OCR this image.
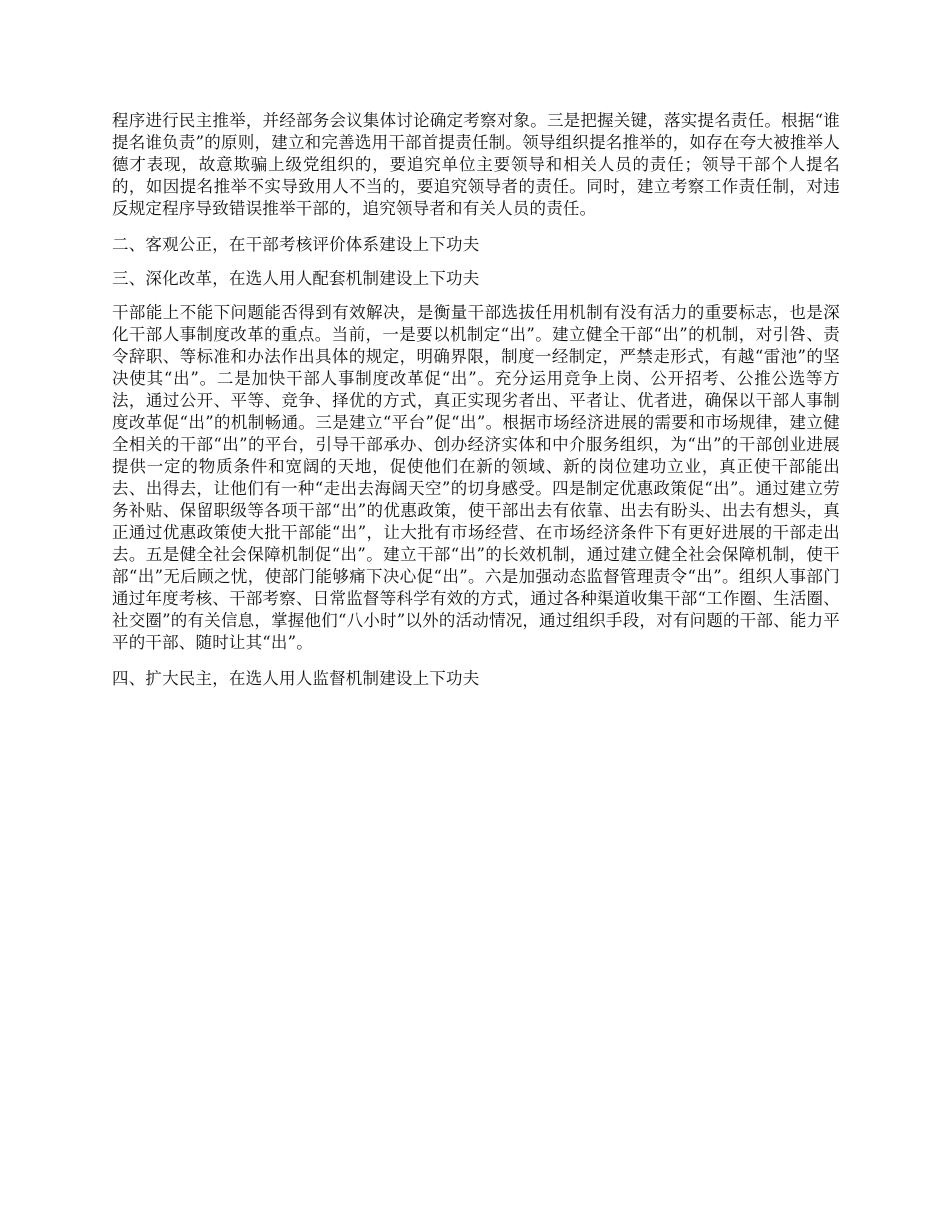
程序进行民主推举，并经部务会议集体讨论确定考察对象。三是把握关键，落实提名责任。根据“谁提名谁负责”的原则，建立和完善选用干部首提责任制。领导组织提名推举的，如存在夸大被推举人德才表现，故意欺骗上级党组织的，要追究单位主要领导和相关人员的责任；领导干部个人提名的，如因提名推举不实导致用人不当的，要追究领导者的责任。同时，建立考察工作责任制，对违反规定程序导致错误推举干部的，追究领导者和有关人员的责任。

二、客观公正，在干部考核评价体系建设上下功夫

三、深化改革，在选人用人配套机制建设上下功夫

干部能上不能下问题能否得到有效解决，是衡量干部选拔任用机制有没有活力的重要标志，也是深化干部人事制度改革的重点。当前，一是要以机制定“出”。建立健全干部“出”的机制，对引咎、责令辞职、等标准和办法作出具体的规定，明确界限，制度一经制定，严禁走形式，有越“雷池”的坚决使其“出”。二是加快干部人事制度改革促“出”。充分运用竞争上岗、公开招考、公推公选等方法，通过公开、平等、竞争、择优的方式，真正实现劣者出、平者让、优者进，确保以干部人事制度改革促“出”的机制畅通。三是建立“平台”促“出”。根据市场经济进展的需要和市场规律，建立健全相关的干部“出”的平台，引导干部承办、创办经济实体和中介服务组织，为“出”的干部创业进展提供一定的物质条件和宽阔的天地，促使他们在新的领域、新的岗位建功立业，真正使干部能出去、出得去，让他们有一种“走出去海阔天空”的切身感受。四是制定优惠政策促“出”。通过建立劳务补贴、保留职级等各项干部“出”的优惠政策，使干部出去有依靠、出去有盼头、出去有想头，真正通过优惠政策使大批干部能“出”，让大批有市场经营、在市场经济条件下有更好进展的干部走出去。五是健全社会保障机制促“出”。建立干部“出”的长效机制，通过建立健全社会保障机制，使干部“出”无后顾之忧，使部门能够痛下决心促“出”。六是加强动态监督管理责令“出”。组织人事部门通过年度考核、干部考察、日常监督等科学有效的方式，通过各种渠道收集干部“工作圈、生活圈、社交圈”的有关信息，掌握他们“八小时”以外的活动情况，通过组织手段，对有问题的干部、能力平平的干部、随时让其“出”。

四、扩大民主，在选人用人监督机制建设上下功夫
